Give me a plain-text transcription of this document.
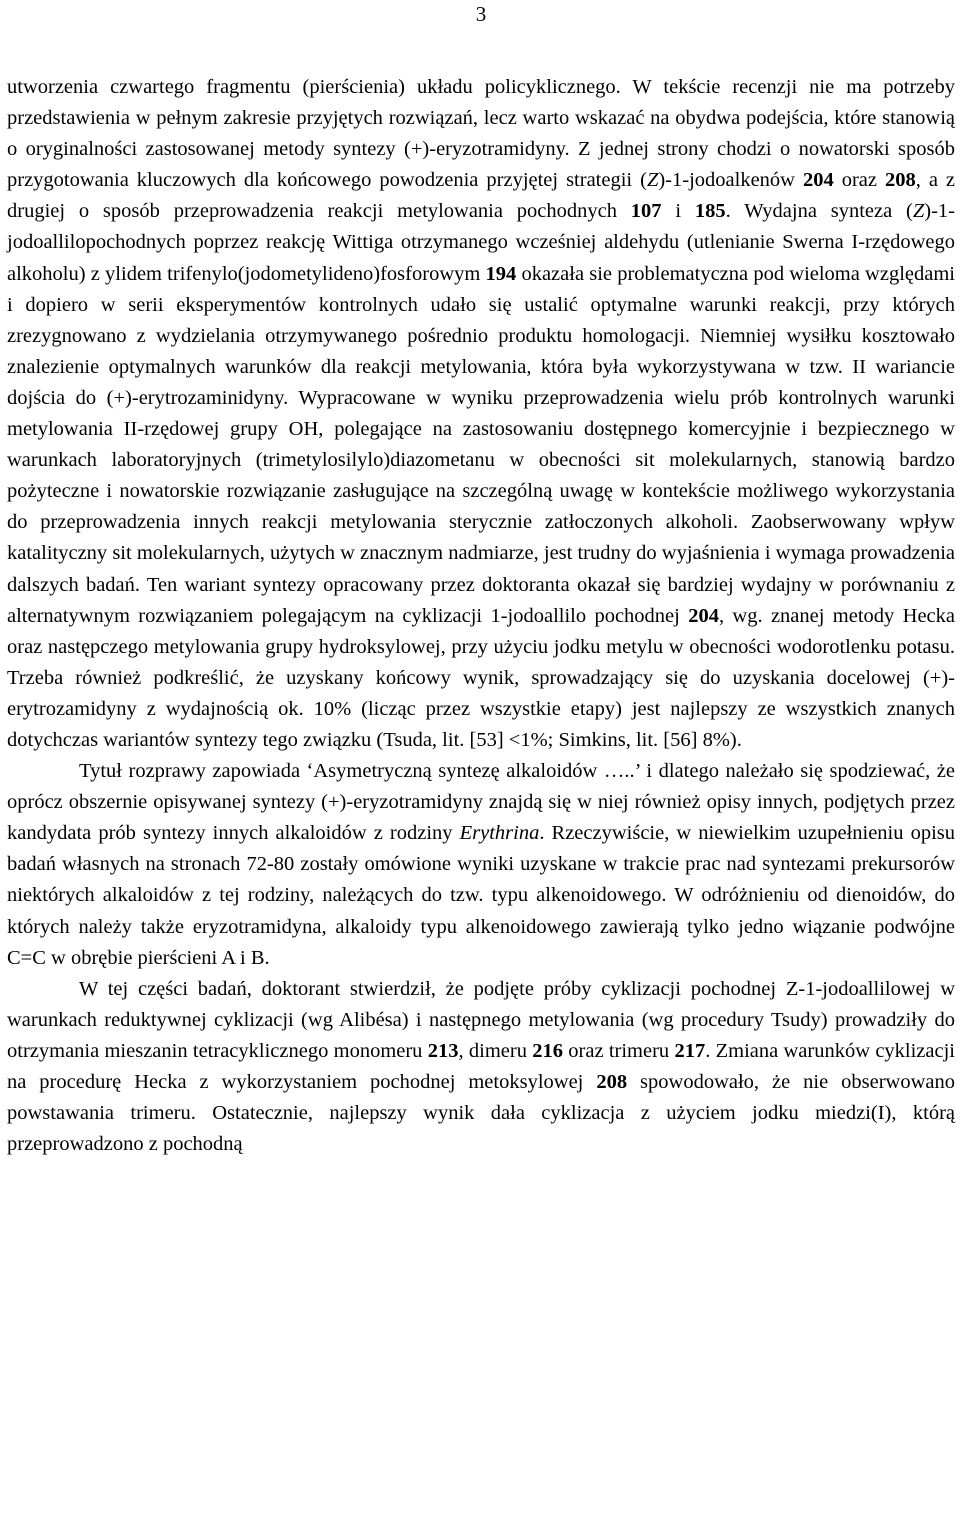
3

utworzenia czwartego fragmentu (pierścienia) układu policyklicznego. W tekście recenzji nie ma potrzeby przedstawienia w pełnym zakresie przyjętych rozwiązań, lecz warto wskazać na obydwa podejścia, które stanowią o oryginalności zastosowanej metody syntezy (+)-eryzotramidyny. Z jednej strony chodzi o nowatorski sposób przygotowania kluczowych dla końcowego powodzenia przyjętej strategii (Z)-1-jodoalkenów 204 oraz 208, a z drugiej o sposób przeprowadzenia reakcji metylowania pochodnych 107 i 185. Wydajna synteza (Z)-1-jodoallilopochodnych poprzez reakcję Wittiga otrzymanego wcześniej aldehydu (utlenianie Swerna I-rzędowego alkoholu) z ylidem trifenylo(jodometylideno)fosforowym 194 okazała sie problematyczna pod wieloma względami i dopiero w serii eksperymentów kontrolnych udało się ustalić optymalne warunki reakcji, przy których zrezygnowano z wydzielania otrzymywanego pośrednio produktu homologacji. Niemniej wysiłku kosztowało znalezienie optymalnych warunków dla reakcji metylowania, która była wykorzystywana w tzw. II wariancie dojścia do (+)-erytrozaminidyny. Wypracowane w wyniku przeprowadzenia wielu prób kontrolnych warunki metylowania II-rzędowej grupy OH, polegające na zastosowaniu dostępnego komercyjnie i bezpiecznego w warunkach laboratoryjnych (trimetylosilylo)diazometanu w obecności sit molekularnych, stanowią bardzo pożyteczne i nowatorskie rozwiązanie zasługujące na szczególną uwagę w kontekście możliwego wykorzystania do przeprowadzenia innych reakcji metylowania sterycznie zatłoczonych alkoholi. Zaobserwowany wpływ katalityczny sit molekularnych, użytych w znacznym nadmiarze, jest trudny do wyjaśnienia i wymaga prowadzenia dalszych badań. Ten wariant syntezy opracowany przez doktoranta okazał się bardziej wydajny w porównaniu z alternatywnym rozwiązaniem polegającym na cyklizacji 1-jodoallilo pochodnej 204, wg. znanej metody Hecka oraz następczego metylowania grupy hydroksylowej, przy użyciu jodku metylu w obecności wodorotlenku potasu. Trzeba również podkreślić, że uzyskany końcowy wynik, sprowadzający się do uzyskania docelowej (+)-erytrozamidyny z wydajnością ok. 10% (licząc przez wszystkie etapy) jest najlepszy ze wszystkich znanych dotychczas wariantów syntezy tego związku (Tsuda, lit. [53] <1%; Simkins, lit. [56] 8%).

Tytuł rozprawy zapowiada ‘Asymetryczną syntezę alkaloidów …..’ i dlatego należało się spodziewać, że oprócz obszernie opisywanej syntezy (+)-eryzotramidyny znajdą się w niej również opisy innych, podjętych przez kandydata prób syntezy innych alkaloidów z rodziny Erythrina. Rzeczywiście, w niewielkim uzupełnieniu opisu badań własnych na stronach 72-80 zostały omówione wyniki uzyskane w trakcie prac nad syntezami prekursorów niektórych alkaloidów z tej rodziny, należących do tzw. typu alkenoidowego. W odróżnieniu od dienoidów, do których należy także eryzotramidyna, alkaloidy typu alkenoidowego zawierają tylko jedno wiązanie podwójne C=C w obrębie pierścieni A i B.

W tej części badań, doktorant stwierdził, że podjęte próby cyklizacji pochodnej Z-1-jodoallilowej w warunkach reduktywnej cyklizacji (wg Alibésa) i następnego metylowania (wg procedury Tsudy) prowadziły do otrzymania mieszanin tetracyklicznego monomeru 213, dimeru 216 oraz trimeru 217. Zmiana warunków cyklizacji na procedurę Hecka z wykorzystaniem pochodnej metoksylowej 208 spowodowało, że nie obserwowano powstawania trimeru. Ostatecznie, najlepszy wynik dała cyklizacja z użyciem jodku miedzi(I), którą przeprowadzono z pochodną
